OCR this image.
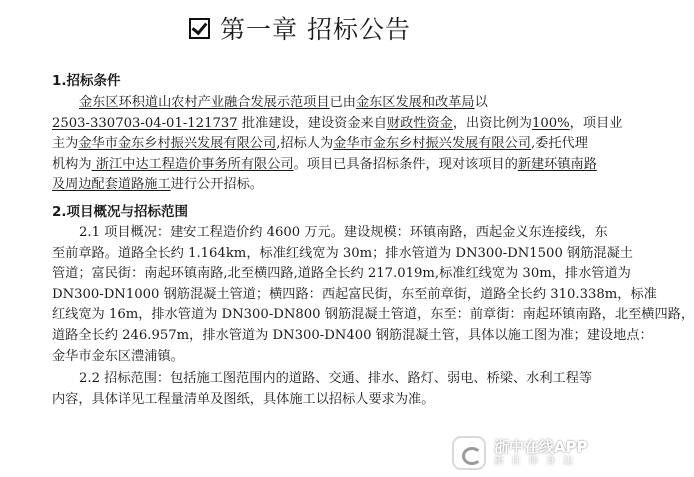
第一章 招标公告
1.招标条件
金东区环积道山农村产业融合发展示范项目已由金东区发展和改革局以
2503-330703-04-01-121737 批准建设，建设资金来自财政性资金，出资比例为100%，项目业
主为金华市金东乡村振兴发展有限公司,招标人为金华市金东乡村振兴发展有限公司,委托代理
机构为 浙江中达工程造价事务所有限公司。项目已具备招标条件，现对该项目的新建环镇南路
及周边配套道路施工进行公开招标。
2.项目概况与招标范围
2.1 项目概况：建安工程造价约 4600 万元。建设规模：环镇南路，西起金义东连接线，东
至前章路。道路全长约 1.164km，标准红线宽为 30m；排水管道为 DN300-DN1500 钢筋混凝土
管道；富民街：南起环镇南路,北至横四路,道路全长约 217.019m,标准红线宽为 30m，排水管道为
DN300-DN1000 钢筋混凝土管道；横四路：西起富民街，东至前章街，道路全长约 310.338m，标准
红线宽为 16m，排水管道为 DN300-DN800 钢筋混凝土管道，东至：前章街：南起环镇南路，北至横四路，
道路全长约 246.957m，排水管道为 DN300-DN400 钢筋混凝土管，具体以施工图为准；建设地点：
金华市金东区澧浦镇。
2.2 招标范围：包括施工图范围内的道路、交通、排水、路灯、弱电、桥梁、水利工程等
内容，具体详见工程量清单及图纸，具体施工以招标人要求为准。
浙中在线APP
新 在 你 身 边
